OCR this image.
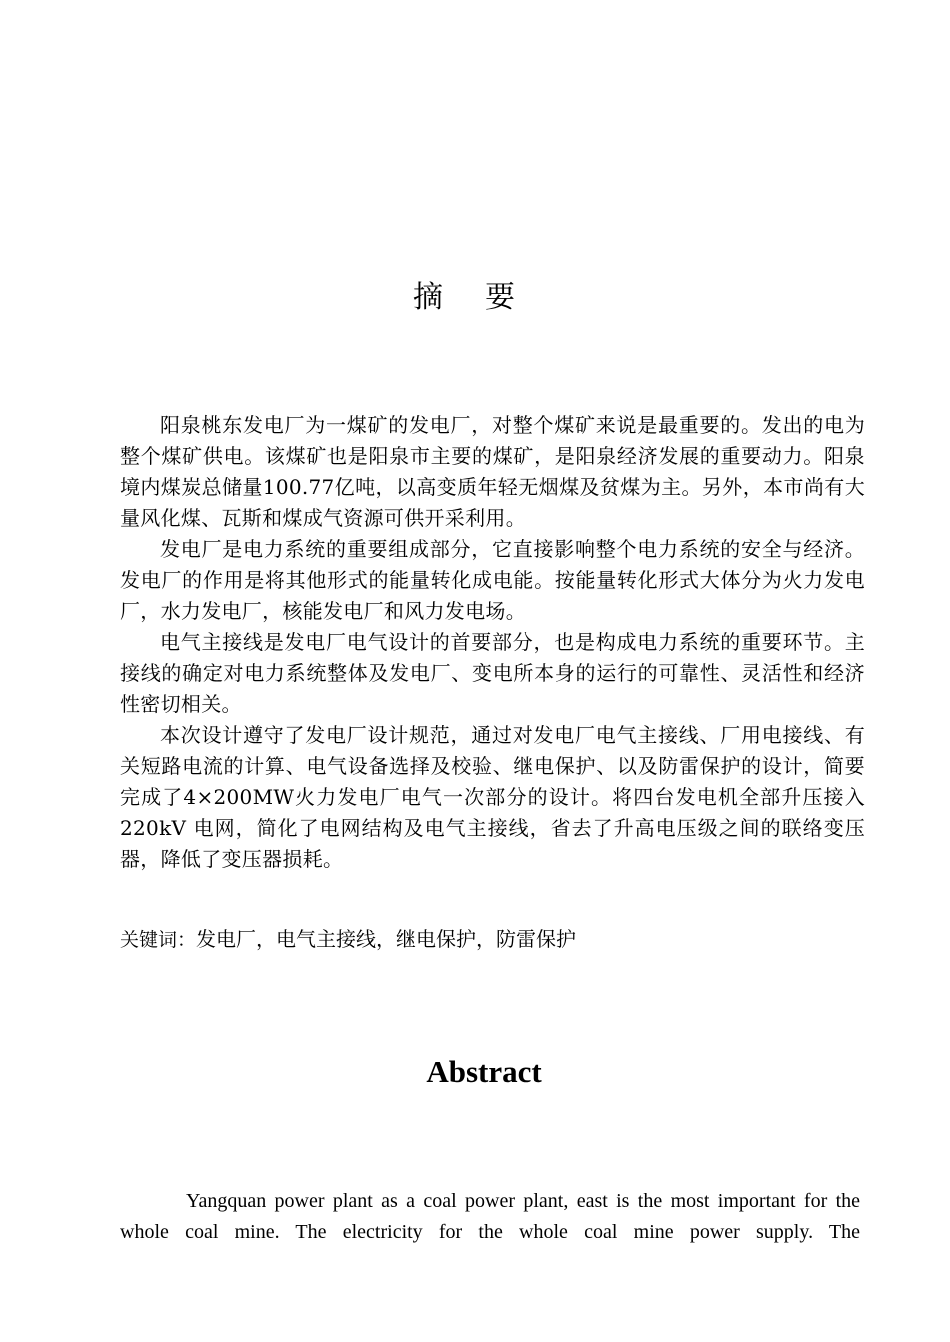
摘要

阳泉桃东发电厂为一煤矿的发电厂，对整个煤矿来说是最重要的。发出的电为整个煤矿供电。该煤矿也是阳泉市主要的煤矿，是阳泉经济发展的重要动力。阳泉境内煤炭总储量100.77亿吨，以高变质年轻无烟煤及贫煤为主。另外，本市尚有大量风化煤、瓦斯和煤成气资源可供开采利用。

发电厂是电力系统的重要组成部分，它直接影响整个电力系统的安全与经济。发电厂的作用是将其他形式的能量转化成电能。按能量转化形式大体分为火力发电厂，水力发电厂，核能发电厂和风力发电场。

电气主接线是发电厂电气设计的首要部分，也是构成电力系统的重要环节。主接线的确定对电力系统整体及发电厂、变电所本身的运行的可靠性、灵活性和经济性密切相关。

本次设计遵守了发电厂设计规范，通过对发电厂电气主接线、厂用电接线、有关短路电流的计算、电气设备选择及校验、继电保护、以及防雷保护的设计，简要完成了4×200MW火力发电厂电气一次部分的设计。将四台发电机全部升压接入220kV 电网，简化了电网结构及电气主接线，省去了升高电压级之间的联络变压器，降低了变压器损耗。

关键词：发电厂，电气主接线，继电保护，防雷保护
Abstract

Yangquan power plant as a coal power plant, east is the most important for the whole coal mine. The electricity for the whole coal mine power supply. The
